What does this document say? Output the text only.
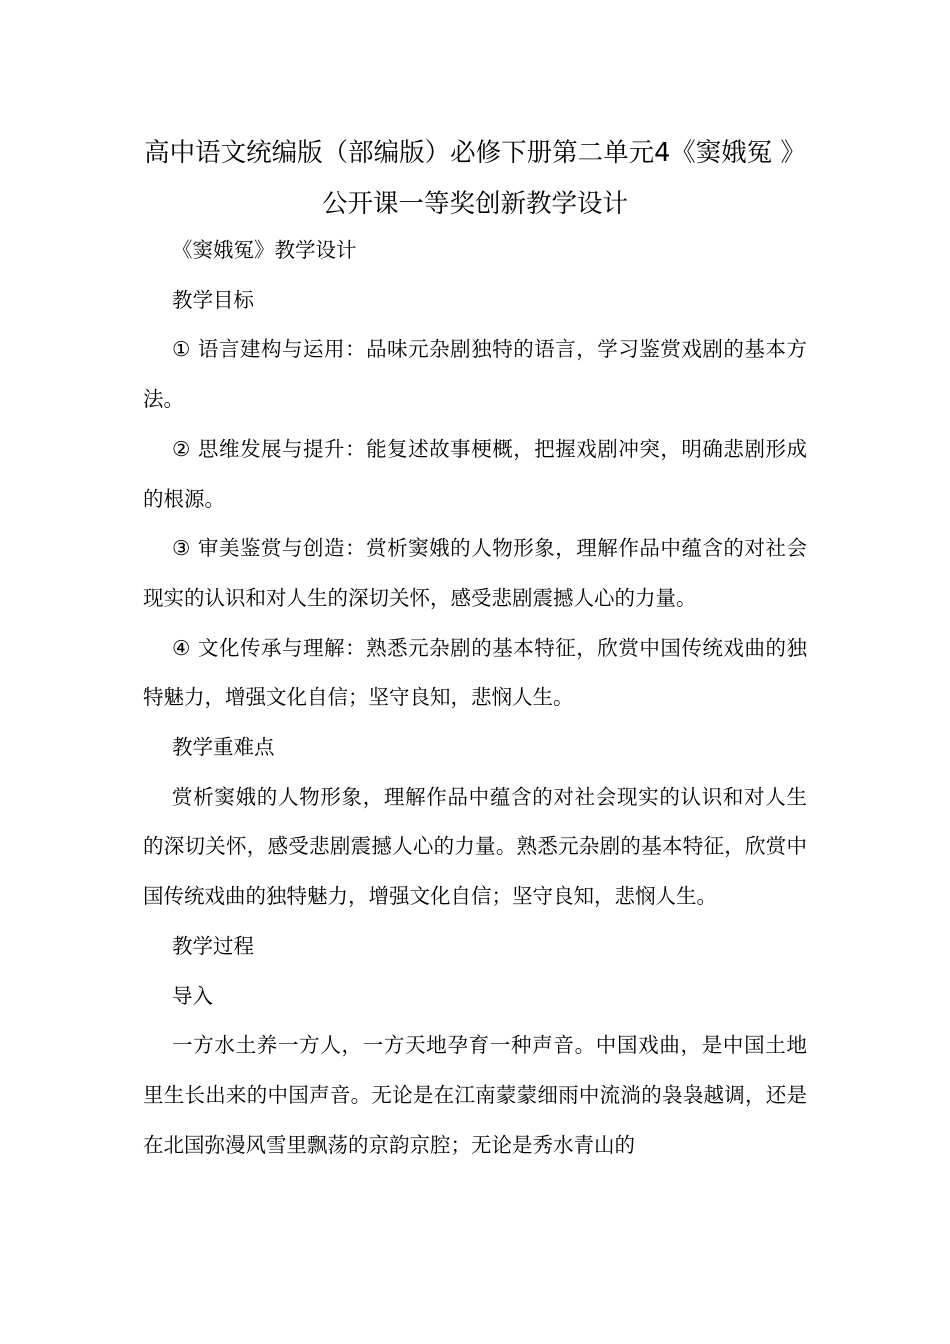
高中语文统编版（部编版）必修下册第二单元4《窦娥冤 》公开课一等奖创新教学设计

《窦娥冤》教学设计

教学目标

① 语言建构与运用：品味元杂剧独特的语言，学习鉴赏戏剧的基本方法。

② 思维发展与提升：能复述故事梗概，把握戏剧冲突，明确悲剧形成的根源。

③ 审美鉴赏与创造：赏析窦娥的人物形象，理解作品中蕴含的对社会现实的认识和对人生的深切关怀，感受悲剧震撼人心的力量。

④ 文化传承与理解：熟悉元杂剧的基本特征，欣赏中国传统戏曲的独特魅力，增强文化自信；坚守良知，悲悯人生。

教学重难点

赏析窦娥的人物形象，理解作品中蕴含的对社会现实的认识和对人生的深切关怀，感受悲剧震撼人心的力量。熟悉元杂剧的基本特征，欣赏中国传统戏曲的独特魅力，增强文化自信；坚守良知，悲悯人生。

教学过程

导入

一方水土养一方人，一方天地孕育一种声音。中国戏曲，是中国土地里生长出来的中国声音。无论是在江南蒙蒙细雨中流淌的袅袅越调，还是在北国弥漫风雪里飘荡的京韵京腔；无论是秀水青山的
